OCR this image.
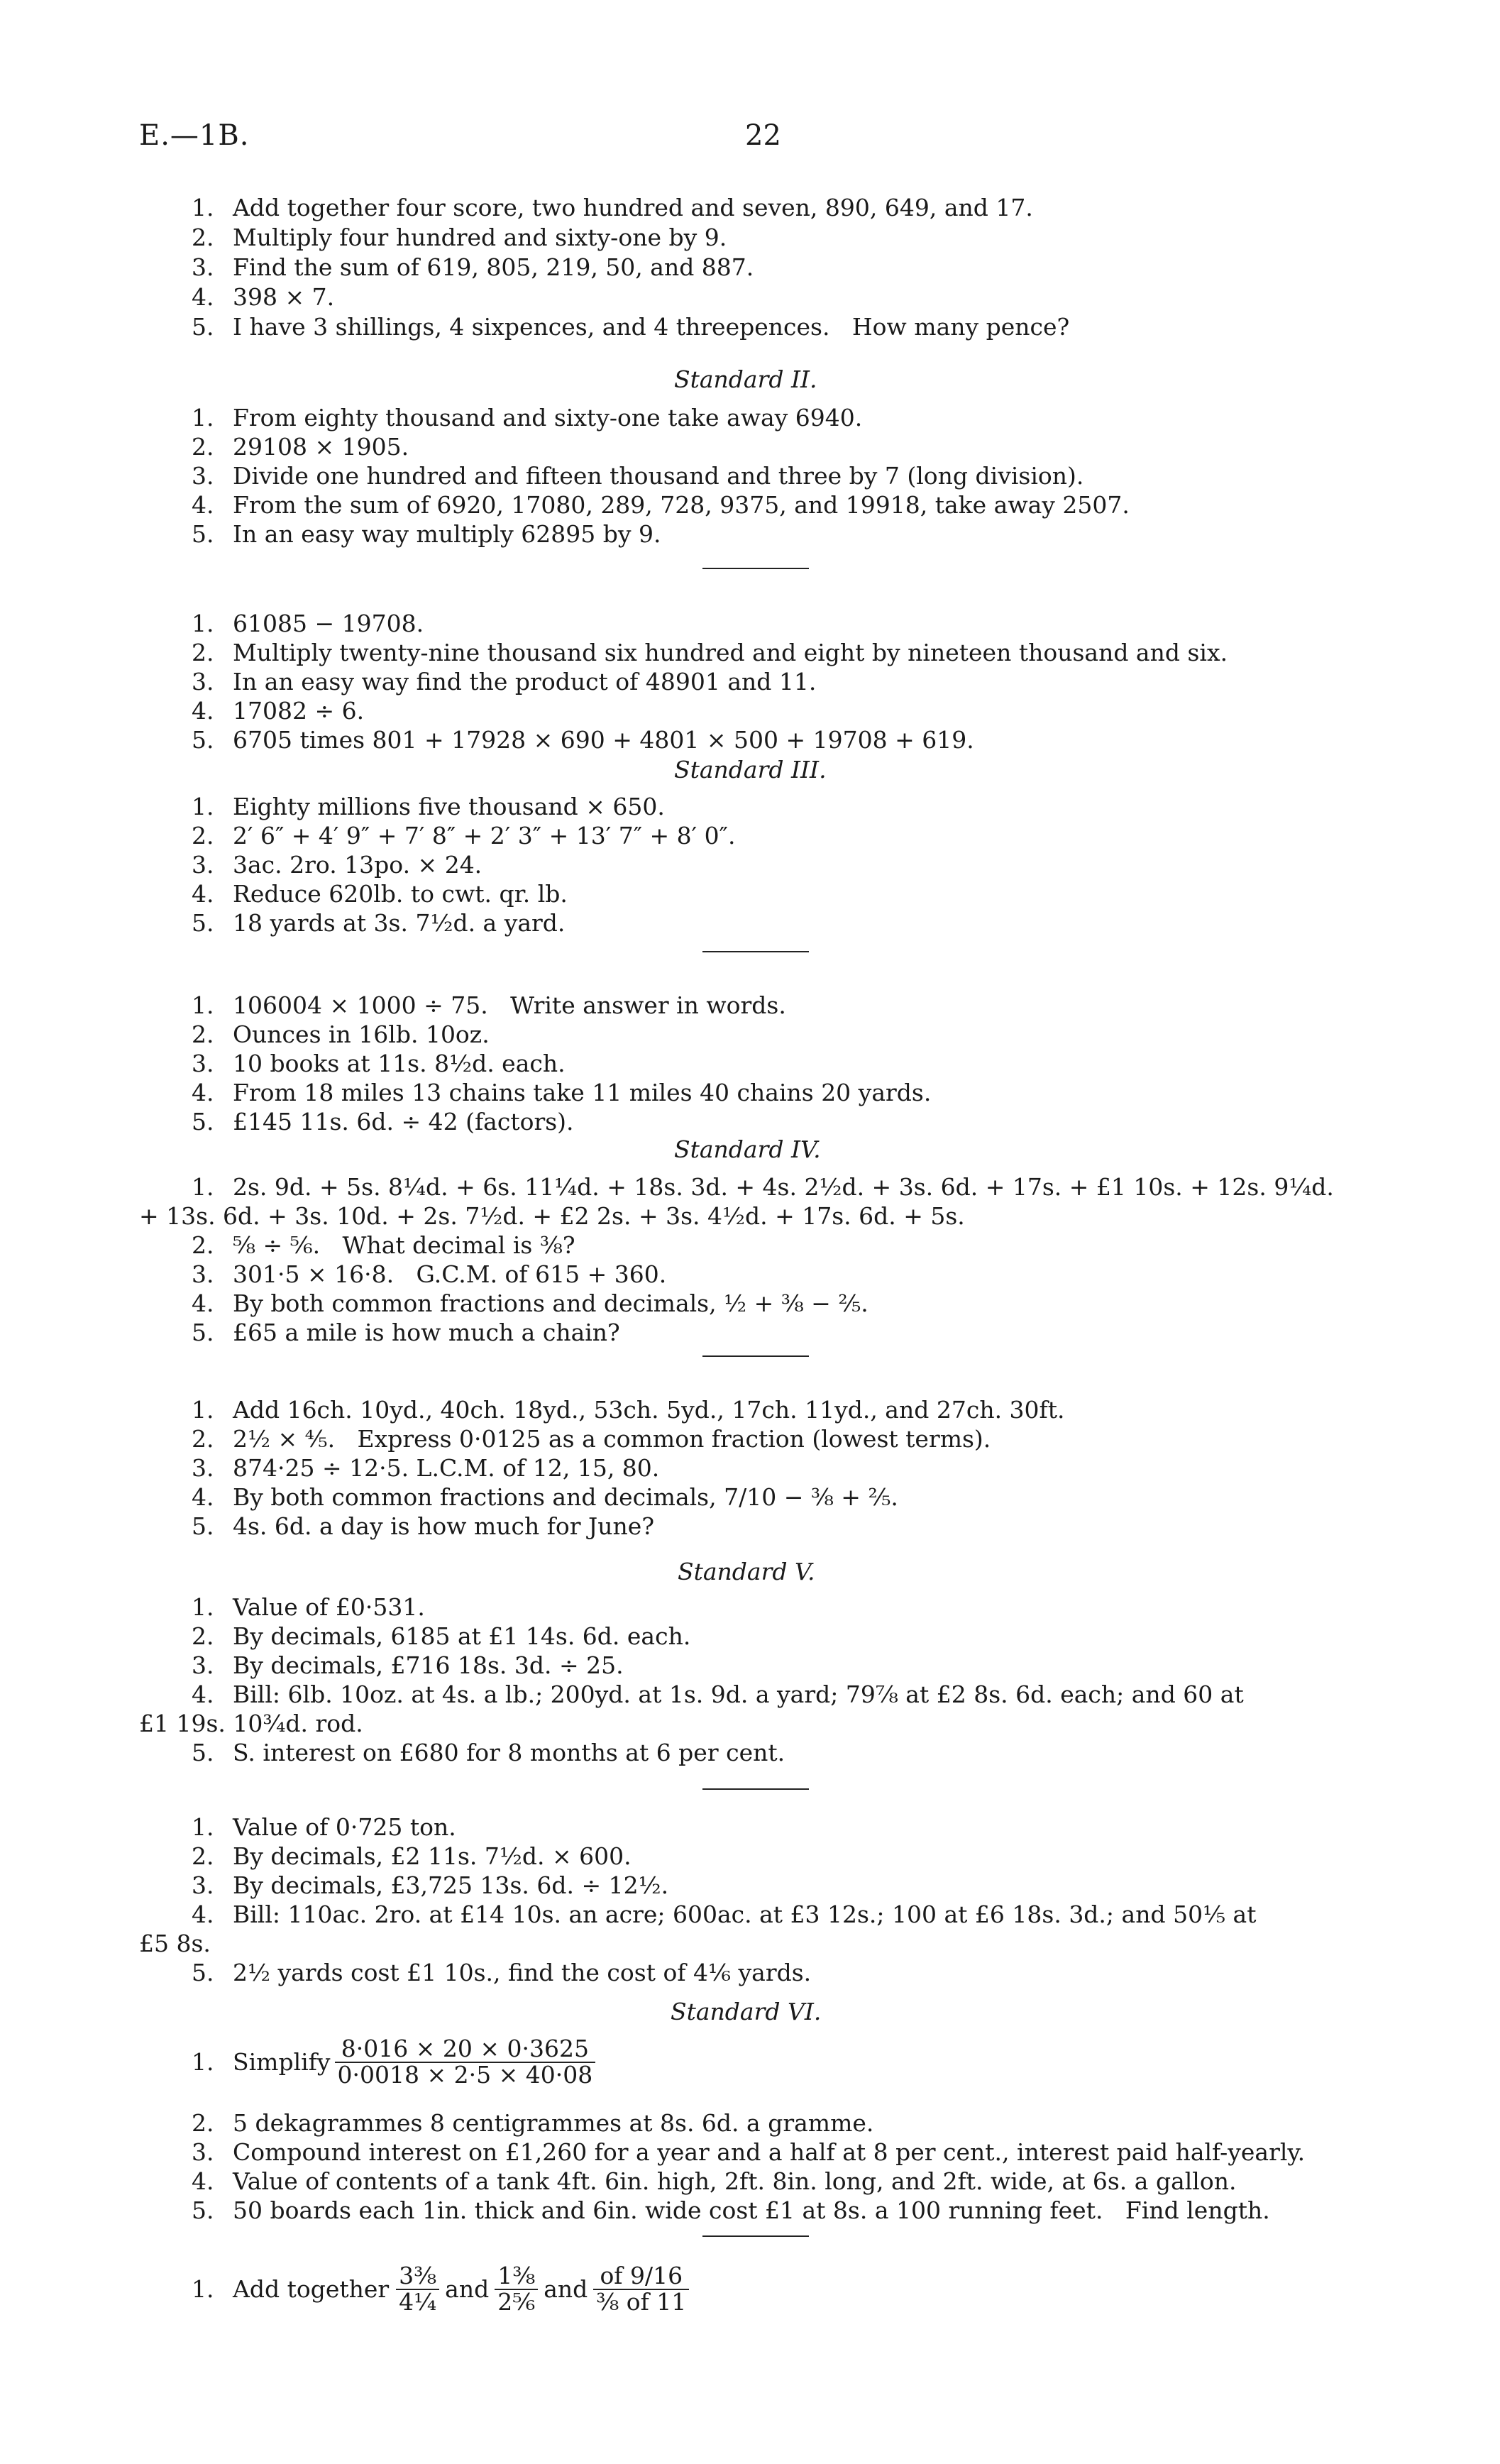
E.—1B.	22
1. Add together four score, two hundred and seven, 890, 649, and 17.
2. Multiply four hundred and sixty-one by 9.
3. Find the sum of 619, 805, 219, 50, and 887.
4. 398 × 7.
5. I have 3 shillings, 4 sixpences, and 4 threepences.   How many pence?
Standard II.
1. From eighty thousand and sixty-one take away 6940.
2. 29108 × 1905.
3. Divide one hundred and fifteen thousand and three by 7 (long division).
4. From the sum of 6920, 17080, 289, 728, 9375, and 19918, take away 2507.
5. In an easy way multiply 62895 by 9.
1. 61085 − 19708.
2. Multiply twenty-nine thousand six hundred and eight by nineteen thousand and six.
3. In an easy way find the product of 48901 and 11.
4. 17082 ÷ 6.
5. 6705 times 801 + 17928 × 690 + 4801 × 500 + 19708 + 619.
Standard III.
1. Eighty millions five thousand × 650.
2. 2′ 6″ + 4′ 9″ + 7′ 8″ + 2′ 3″ + 13′ 7″ + 8′ 0″.
3. 3ac. 2ro. 13po. × 24.
4. Reduce 620lb. to cwt. qr. lb.
5. 18 yards at 3s. 7½d. a yard.
1. 106004 × 1000 ÷ 75.   Write answer in words.
2. Ounces in 16lb. 10oz.
3. 10 books at 11s. 8½d. each.
4. From 18 miles 13 chains take 11 miles 40 chains 20 yards.
5. £145 11s. 6d. ÷ 42 (factors).
Standard IV.
1. 2s. 9d. + 5s. 8¼d. + 6s. 11¼d. + 18s. 3d. + 4s. 2½d. + 3s. 6d. + 17s. + £1 10s. + 12s. 9¼d.
+ 13s. 6d. + 3s. 10d. + 2s. 7½d. + £2 2s. + 3s. 4½d. + 17s. 6d. + 5s.
2. ⅝ ÷ ⅚.   What decimal is ⅜?
3. 301·5 × 16·8.   G.C.M. of 615 + 360.
4. By both common fractions and decimals, ½ + ⅜ − ⅖.
5. £65 a mile is how much a chain?
1. Add 16ch. 10yd., 40ch. 18yd., 53ch. 5yd., 17ch. 11yd., and 27ch. 30ft.
2. 2½ × ⅘.   Express 0·0125 as a common fraction (lowest terms).
3. 874·25 ÷ 12·5. L.C.M. of 12, 15, 80.
4. By both common fractions and decimals, 7/10 − ⅜ + ⅖.
5. 4s. 6d. a day is how much for June?
Standard V.
1. Value of £0·531.
2. By decimals, 6185 at £1 14s. 6d. each.
3. By decimals, £716 18s. 3d. ÷ 25.
4. Bill: 6lb. 10oz. at 4s. a lb.; 200yd. at 1s. 9d. a yard; 79⅞ at £2 8s. 6d. each; and 60 at
£1 19s. 10¾d. rod.
5. S. interest on £680 for 8 months at 6 per cent.
1. Value of 0·725 ton.
2. By decimals, £2 11s. 7½d. × 600.
3. By decimals, £3,725 13s. 6d. ÷ 12½.
4. Bill: 110ac. 2ro. at £14 10s. an acre; 600ac. at £3 12s.; 100 at £6 18s. 3d.; and 50⅕ at
£5 8s.
5. 2½ yards cost £1 10s., find the cost of 4⅙ yards.
Standard VI.
1. Simplify $\frac{8\cdot 016 \times 20 \times 0\cdot 3625}{0\cdot 0018 \times 2\cdot 5 \times 40\cdot 08}$
2. 5 dekagrammes 8 centigrammes at 8s. 6d. a gramme.
3. Compound interest on £1,260 for a year and a half at 8 per cent., interest paid half-yearly.
4. Value of contents of a tank 4ft. 6in. high, 2ft. 8in. long, and 2ft. wide, at 6s. a gallon.
5. 50 boards each 1in. thick and 6in. wide cost £1 at 8s. a 100 running feet.   Find length.
1. Add together $\frac{\text{3⅜}}{\text{4¼}}$ and $\frac{\text{1⅜}}{\text{2⅚}}$ and $\frac{of 9/16}{\text{⅜ of 11}}$
